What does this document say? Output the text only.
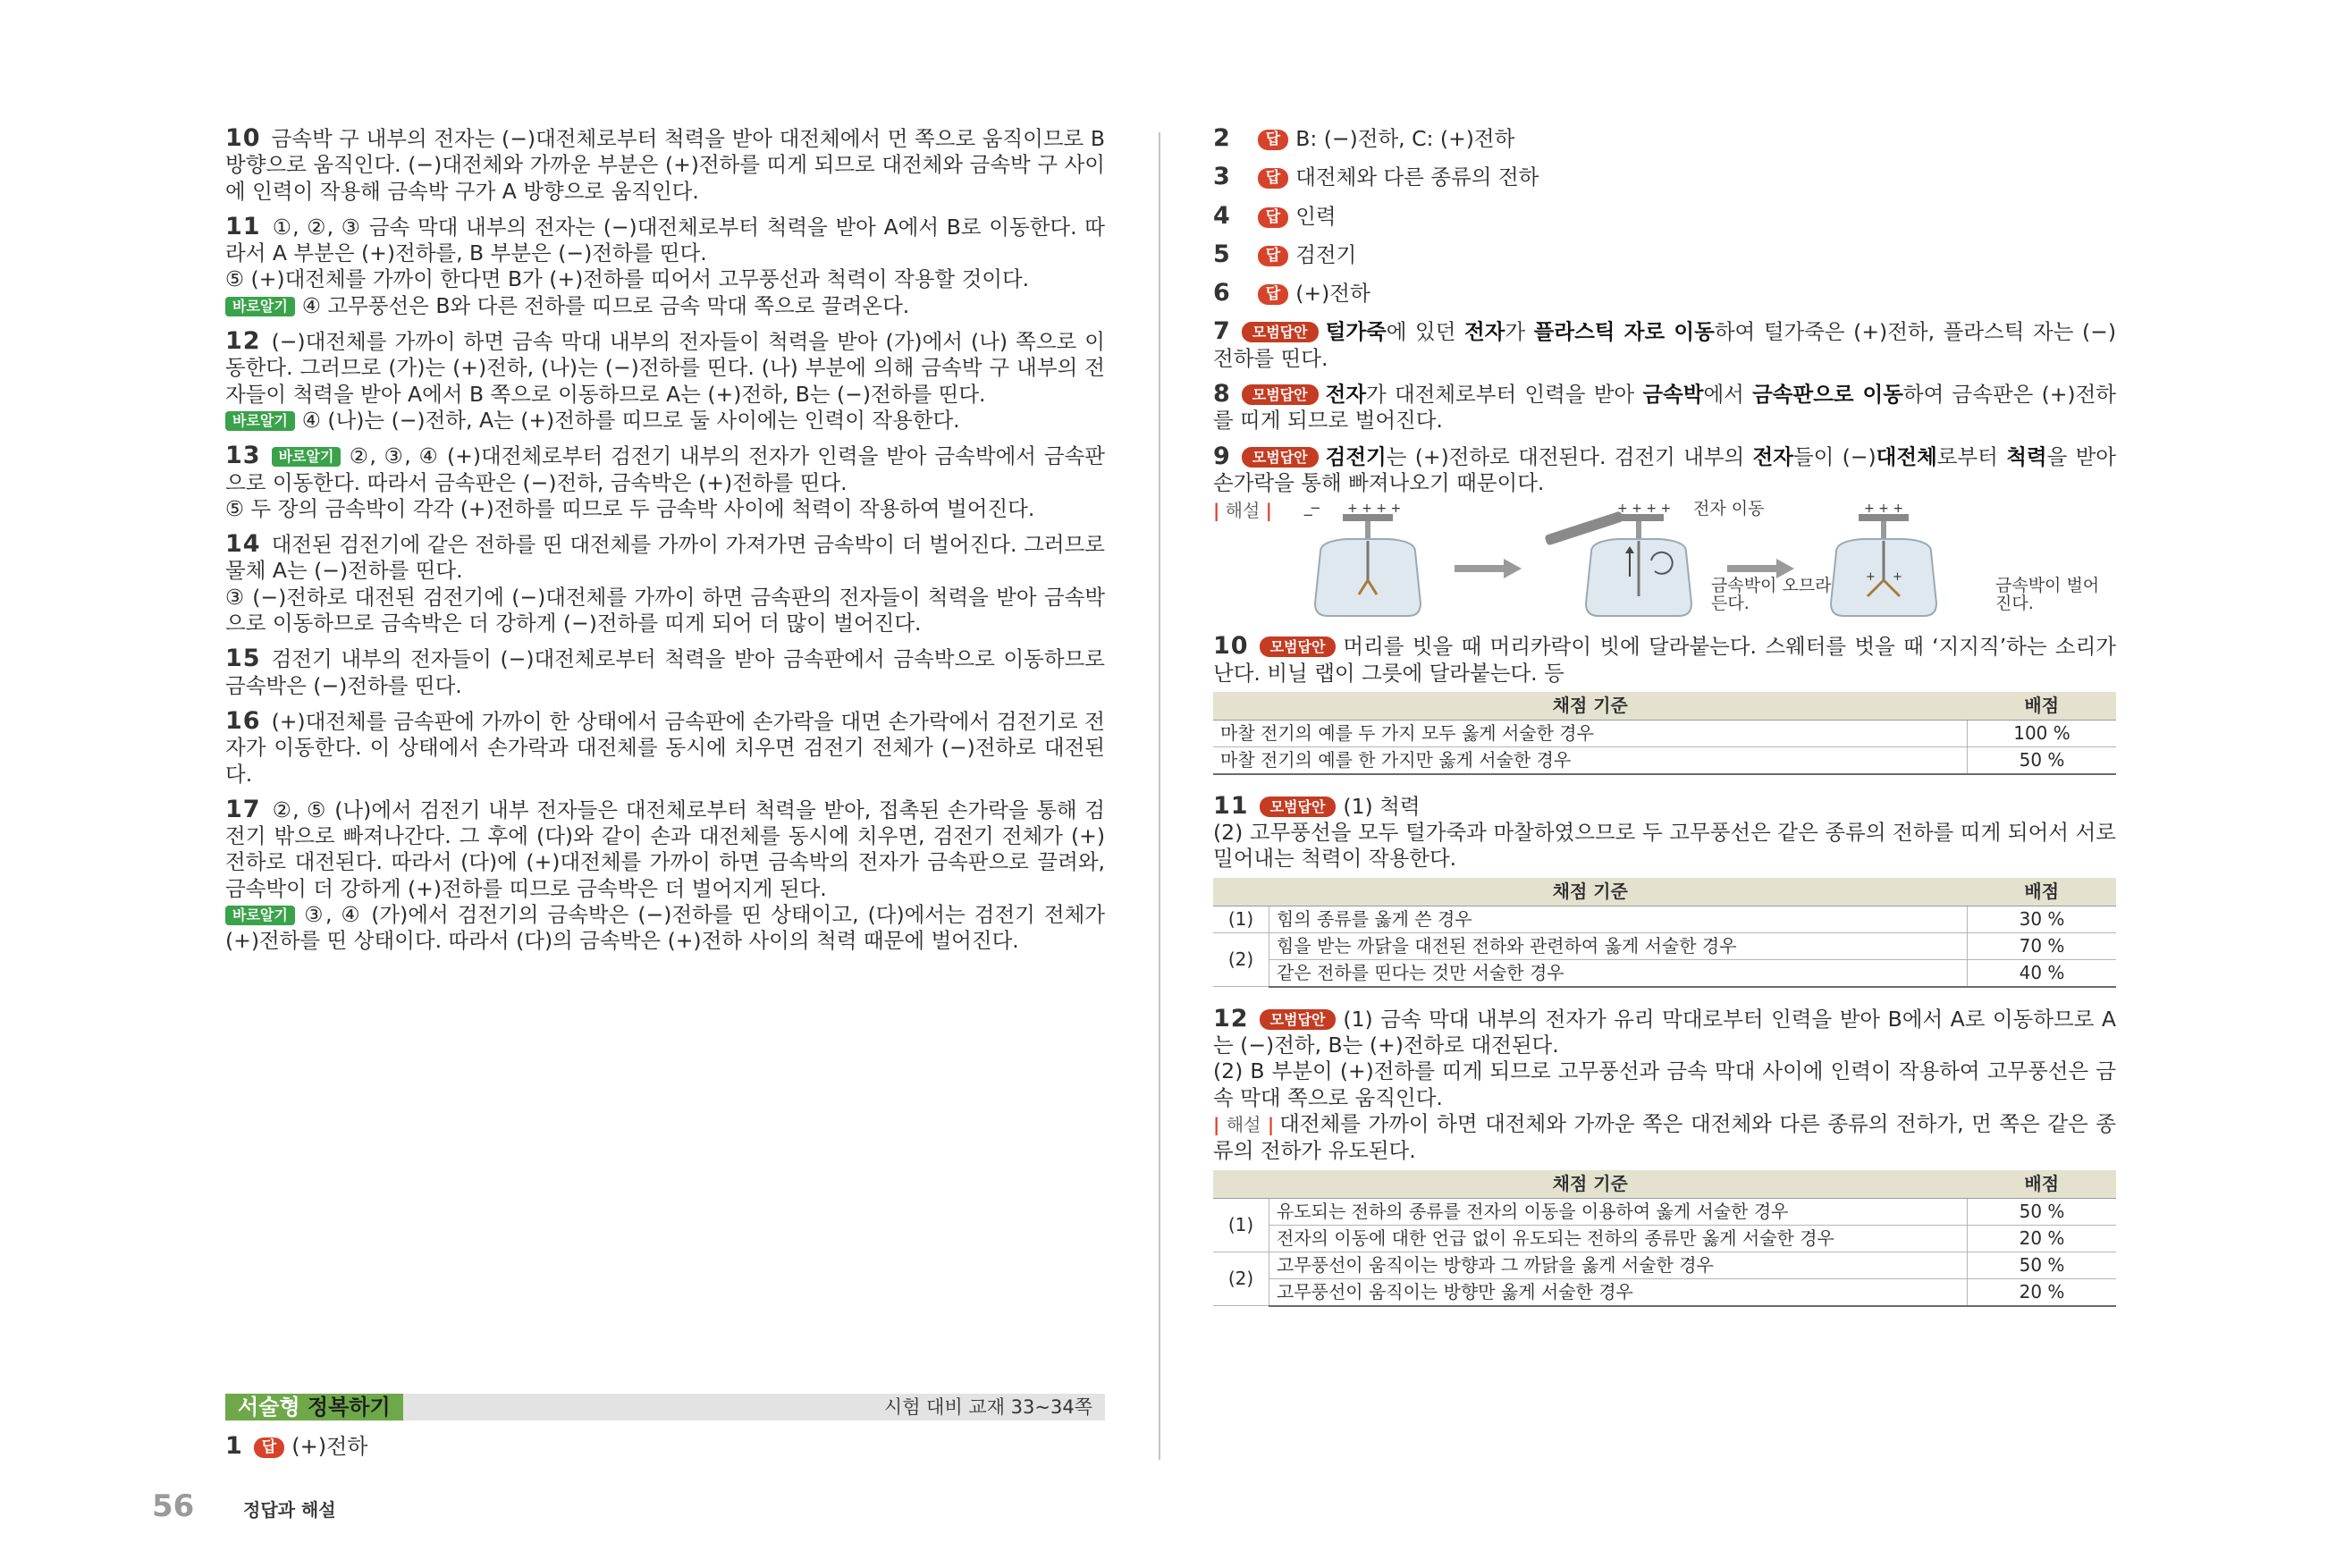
10 금속박 구 내부의 전자는 (−)대전체로부터 척력을 받아 대전체에서 먼 쪽으로 움직이므로 B 방향으로 움직인다. (−)대전체와 가까운 부분은 (+)전하를 띠게 되므로 대전체와 금속박 구 사이에 인력이 작용해 금속박 구가 A 방향으로 움직인다.

11 ①, ②, ③ 금속 막대 내부의 전자는 (−)대전체로부터 척력을 받아 A에서 B로 이동한다. 따라서 A 부분은 (+)전하를, B 부분은 (−)전하를 띤다.

⑤ (+)대전체를 가까이 한다면 B가 (+)전하를 띠어서 고무풍선과 척력이 작용할 것이다.

바로알기 ④ 고무풍선은 B와 다른 전하를 띠므로 금속 막대 쪽으로 끌려온다.

12 (−)대전체를 가까이 하면 금속 막대 내부의 전자들이 척력을 받아 (가)에서 (나) 쪽으로 이동한다. 그러므로 (가)는 (+)전하, (나)는 (−)전하를 띤다. (나) 부분에 의해 금속박 구 내부의 전자들이 척력을 받아 A에서 B 쪽으로 이동하므로 A는 (+)전하, B는 (−)전하를 띤다.

바로알기 ④ (나)는 (−)전하, A는 (+)전하를 띠므로 둘 사이에는 인력이 작용한다.

13 바로알기 ②, ③, ④ (+)대전체로부터 검전기 내부의 전자가 인력을 받아 금속박에서 금속판으로 이동한다. 따라서 금속판은 (−)전하, 금속박은 (+)전하를 띤다.

⑤ 두 장의 금속박이 각각 (+)전하를 띠므로 두 금속박 사이에 척력이 작용하여 벌어진다.

14 대전된 검전기에 같은 전하를 띤 대전체를 가까이 가져가면 금속박이 더 벌어진다. 그러므로 물체 A는 (−)전하를 띤다.

③ (−)전하로 대전된 검전기에 (−)대전체를 가까이 하면 금속판의 전자들이 척력을 받아 금속박으로 이동하므로 금속박은 더 강하게 (−)전하를 띠게 되어 더 많이 벌어진다.

15 검전기 내부의 전자들이 (−)대전체로부터 척력을 받아 금속판에서 금속박으로 이동하므로 금속박은 (−)전하를 띤다.

16 (+)대전체를 금속판에 가까이 한 상태에서 금속판에 손가락을 대면 손가락에서 검전기로 전자가 이동한다. 이 상태에서 손가락과 대전체를 동시에 치우면 검전기 전체가 (−)전하로 대전된다.

17 ②, ⑤ (나)에서 검전기 내부 전자들은 대전체로부터 척력을 받아, 접촉된 손가락을 통해 검전기 밖으로 빠져나간다. 그 후에 (다)와 같이 손과 대전체를 동시에 치우면, 검전기 전체가 (+)전하로 대전된다. 따라서 (다)에 (+)대전체를 가까이 하면 금속박의 전자가 금속판으로 끌려와, 금속박이 더 강하게 (+)전하를 띠므로 금속박은 더 벌어지게 된다.

바로알기 ③, ④ (가)에서 검전기의 금속박은 (−)전하를 띤 상태이고, (다)에서는 검전기 전체가 (+)전하를 띤 상태이다. 따라서 (다)의 금속박은 (+)전하 사이의 척력 때문에 벌어진다.

서술형 정복하기	시험 대비 교재 33~34쪽
1 답 (+)전하
2 답 B: (−)전하, C: (+)전하
3 답 대전체와 다른 종류의 전하
4 답 인력
5 답 검전기
6 답 (+)전하

7 모범답안 털가죽에 있던 전자가 플라스틱 자로 이동하여 털가죽은 (+)전하, 플라스틱 자는 (−)전하를 띤다.

8 모범답안 전자가 대전체로부터 인력을 받아 금속박에서 금속판으로 이동하여 금속판은 (+)전하를 띠게 되므로 벌어진다.

9 모범답안 검전기는 (+)전하로 대전된다. 검전기 내부의 전자들이 (−)대전체로부터 척력을 받아 손가락을 통해 빠져나오기 때문이다.

| 해설 |	+ + + +
−
−	+ + + +	+ + +
+ +
전자 이동
금속박이 오므라든다.
금속박이 벌어진다.

10 모범답안 머리를 빗을 때 머리카락이 빗에 달라붙는다. 스웨터를 벗을 때 ‘지지직’하는 소리가 난다. 비닐 랩이 그릇에 달라붙는다. 등

채점 기준	배점
마찰 전기의 예를 두 가지 모두 옳게 서술한 경우	100 %
마찰 전기의 예를 한 가지만 옳게 서술한 경우	50 %

11 모범답안 (1) 척력

(2) 고무풍선을 모두 털가죽과 마찰하였으므로 두 고무풍선은 같은 종류의 전하를 띠게 되어서 서로 밀어내는 척력이 작용한다.

채점 기준		배점
(1)	힘의 종류를 옳게 쓴 경우	30 %
(2)	힘을 받는 까닭을 대전된 전하와 관련하여 옳게 서술한 경우	70 %
	같은 전하를 띤다는 것만 서술한 경우	40 %

12 모범답안 (1) 금속 막대 내부의 전자가 유리 막대로부터 인력을 받아 B에서 A로 이동하므로 A는 (−)전하, B는 (+)전하로 대전된다.

(2) B 부분이 (+)전하를 띠게 되므로 고무풍선과 금속 막대 사이에 인력이 작용하여 고무풍선은 금속 막대 쪽으로 움직인다.

| 해설 | 대전체를 가까이 하면 대전체와 가까운 쪽은 대전체와 다른 종류의 전하가, 먼 쪽은 같은 종류의 전하가 유도된다.

채점 기준		배점
(1)	유도되는 전하의 종류를 전자의 이동을 이용하여 옳게 서술한 경우	50 %
	전자의 이동에 대한 언급 없이 유도되는 전하의 종류만 옳게 서술한 경우	20 %
(2)	고무풍선이 움직이는 방향과 그 까닭을 옳게 서술한 경우	50 %
	고무풍선이 움직이는 방향만 옳게 서술한 경우	20 %
56	정답과 해설
